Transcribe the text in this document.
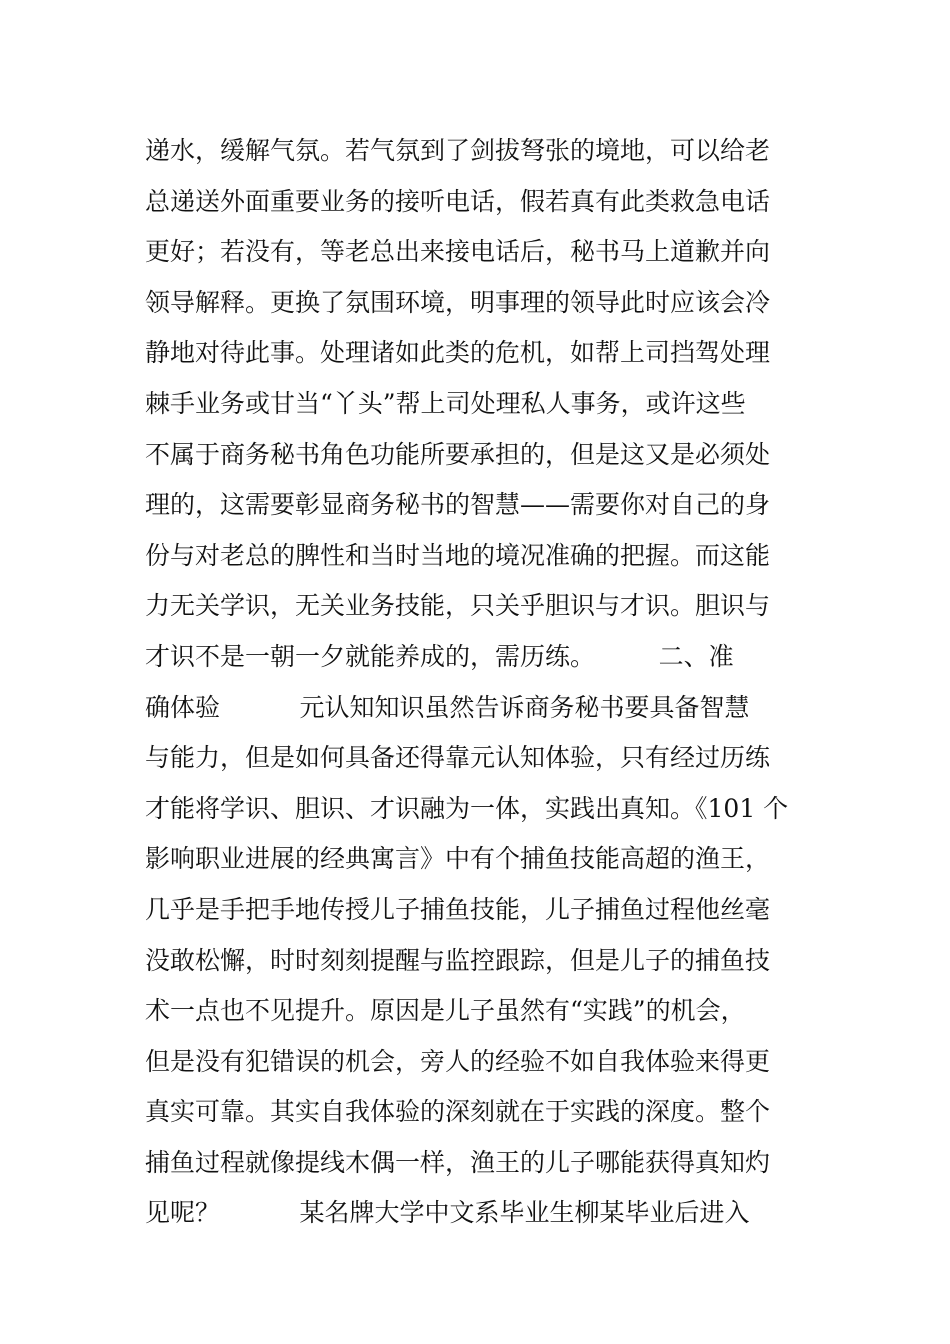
递水，缓解气氛。若气氛到了剑拔弩张的境地，可以给老
总递送外面重要业务的接听电话，假若真有此类救急电话
更好；若没有，等老总出来接电话后，秘书马上道歉并向
领导解释。更换了氛围环境，明事理的领导此时应该会冷
静地对待此事。处理诸如此类的危机，如帮上司挡驾处理
棘手业务或甘当“丫头”帮上司处理私人事务，或许这些
不属于商务秘书角色功能所要承担的，但是这又是必须处
理的，这需要彰显商务秘书的智慧——需要你对自己的身
份与对老总的脾性和当时当地的境况准确的把握。而这能
力无关学识，无关业务技能，只关乎胆识与才识。胆识与
才识不是一朝一夕就能养成的，需历练。        二、准
确体验          元认知知识虽然告诉商务秘书要具备智慧
与能力，但是如何具备还得靠元认知体验，只有经过历练
才能将学识、胆识、才识融为一体，实践出真知。《101 个
影响职业进展的经典寓言》中有个捕鱼技能高超的渔王，
几乎是手把手地传授儿子捕鱼技能，儿子捕鱼过程他丝毫
没敢松懈，时时刻刻提醒与监控跟踪，但是儿子的捕鱼技
术一点也不见提升。原因是儿子虽然有“实践”的机会，
但是没有犯错误的机会，旁人的经验不如自我体验来得更
真实可靠。其实自我体验的深刻就在于实践的深度。整个
捕鱼过程就像提线木偶一样，渔王的儿子哪能获得真知灼
见呢？          某名牌大学中文系毕业生柳某毕业后进入
